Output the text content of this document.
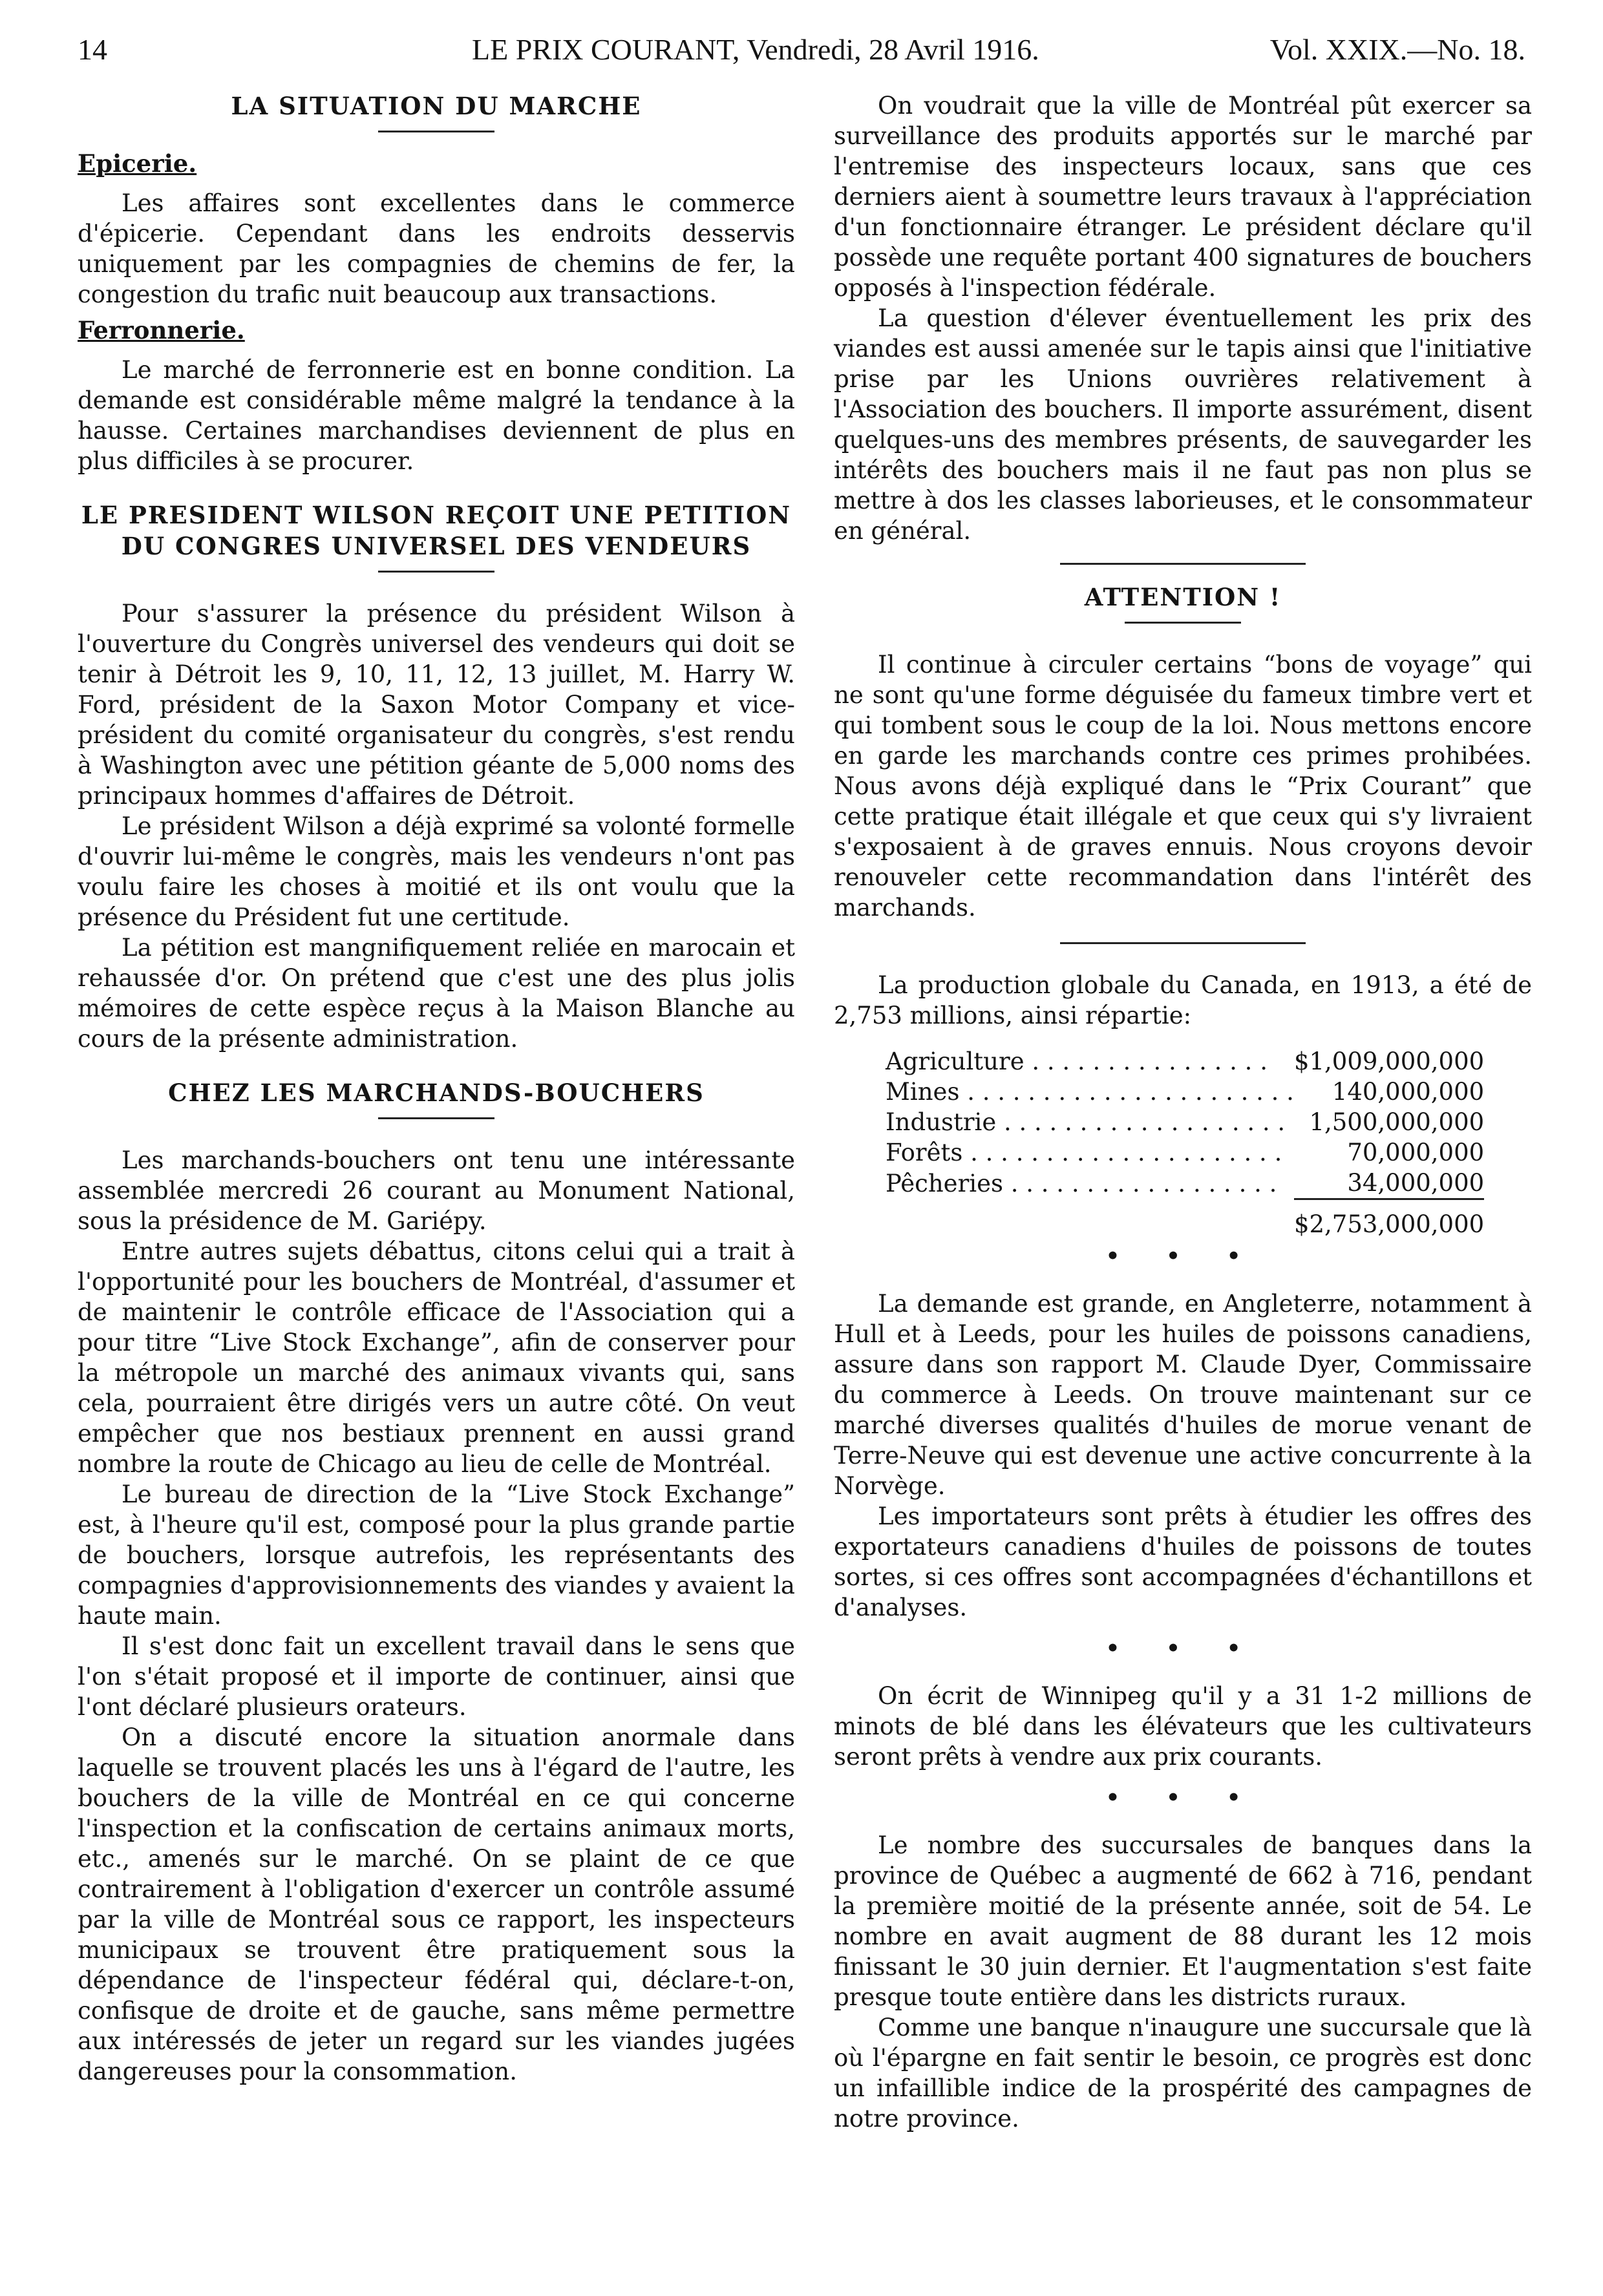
14	LE PRIX COURANT, Vendredi, 28 Avril 1916.	Vol. XXIX.—No. 18.
LA SITUATION DU MARCHE
Epicerie.

Les affaires sont excellentes dans le commerce d'épicerie. Cependant dans les endroits desservis uniquement par les compagnies de chemins de fer, la congestion du trafic nuit beaucoup aux transactions.

Ferronnerie.

Le marché de ferronnerie est en bonne condition. La demande est considérable même malgré la tendance à la hausse. Certaines marchandises deviennent de plus en plus difficiles à se procurer.

LE PRESIDENT WILSON REÇOIT UNE PETITION
DU CONGRES UNIVERSEL DES VENDEURS

Pour s'assurer la présence du président Wilson à l'ouverture du Congrès universel des vendeurs qui doit se tenir à Détroit les 9, 10, 11, 12, 13 juillet, M. Harry W. Ford, président de la Saxon Motor Company et vice-président du comité organisateur du congrès, s'est rendu à Washington avec une pétition géante de 5,000 noms des principaux hommes d'affaires de Détroit.

Le président Wilson a déjà exprimé sa volonté formelle d'ouvrir lui-même le congrès, mais les vendeurs n'ont pas voulu faire les choses à moitié et ils ont voulu que la présence du Président fut une certitude.

La pétition est mangnifiquement reliée en marocain et rehaussée d'or. On prétend que c'est une des plus jolis mémoires de cette espèce reçus à la Maison Blanche au cours de la présente administration.

CHEZ LES MARCHANDS-BOUCHERS

Les marchands-bouchers ont tenu une intéressante assemblée mercredi 26 courant au Monument National, sous la présidence de M. Gariépy.

Entre autres sujets débattus, citons celui qui a trait à l'opportunité pour les bouchers de Montréal, d'assumer et de maintenir le contrôle efficace de l'Association qui a pour titre “Live Stock Exchange”, afin de conserver pour la métropole un marché des animaux vivants qui, sans cela, pourraient être dirigés vers un autre côté. On veut empêcher que nos bestiaux prennent en aussi grand nombre la route de Chicago au lieu de celle de Montréal.

Le bureau de direction de la “Live Stock Exchange” est, à l'heure qu'il est, composé pour la plus grande partie de bouchers, lorsque autrefois, les représentants des compagnies d'approvisionnements des viandes y avaient la haute main.

Il s'est donc fait un excellent travail dans le sens que l'on s'était proposé et il importe de continuer, ainsi que l'ont déclaré plusieurs orateurs.

On a discuté encore la situation anormale dans laquelle se trouvent placés les uns à l'égard de l'autre, les bouchers de la ville de Montréal en ce qui concerne l'inspection et la confiscation de certains animaux morts, etc., amenés sur le marché. On se plaint de ce que contrairement à l'obligation d'exercer un contrôle assumé par la ville de Montréal sous ce rapport, les inspecteurs municipaux se trouvent être pratiquement sous la dépendance de l'inspecteur fédéral qui, déclare-t-on, confisque de droite et de gauche, sans même permettre aux intéressés de jeter un regard sur les viandes jugées dangereuses pour la consommation.

On voudrait que la ville de Montréal pût exercer sa surveillance des produits apportés sur le marché par l'entremise des inspecteurs locaux, sans que ces derniers aient à soumettre leurs travaux à l'appréciation d'un fonctionnaire étranger. Le président déclare qu'il possède une requête portant 400 signatures de bouchers opposés à l'inspection fédérale.

La question d'élever éventuellement les prix des viandes est aussi amenée sur le tapis ainsi que l'initiative prise par les Unions ouvrières relativement à l'Association des bouchers. Il importe assurément, disent quelques-uns des membres présents, de sauvegarder les intérêts des bouchers mais il ne faut pas non plus se mettre à dos les classes laborieuses, et le consommateur en général.

ATTENTION !

Il continue à circuler certains “bons de voyage” qui ne sont qu'une forme déguisée du fameux timbre vert et qui tombent sous le coup de la loi. Nous mettons encore en garde les marchands contre ces primes prohibées. Nous avons déjà expliqué dans le “Prix Courant” que cette pratique était illégale et que ceux qui s'y livraient s'exposaient à de graves ennuis. Nous croyons devoir renouveler cette recommandation dans l'intérêt des marchands.

La production globale du Canada, en 1913, a été de 2,753 millions, ainsi répartie:

Agriculture . . . . . . . . . . . . . . . .	$1,009,000,000
Mines . . . . . . . . . . . . . . . . . . . . . .	140,000,000
Industrie . . . . . . . . . . . . . . . . . . .	1,500,000,000
Forêts . . . . . . . . . . . . . . . . . . . . .	70,000,000
Pêcheries . . . . . . . . . . . . . . . . . .	34,000,000
	$2,753,000,000
• • •

La demande est grande, en Angleterre, notamment à Hull et à Leeds, pour les huiles de poissons canadiens, assure dans son rapport M. Claude Dyer, Commissaire du commerce à Leeds. On trouve maintenant sur ce marché diverses qualités d'huiles de morue venant de Terre-Neuve qui est devenue une active concurrente à la Norvège.

Les importateurs sont prêts à étudier les offres des exportateurs canadiens d'huiles de poissons de toutes sortes, si ces offres sont accompagnées d'échantillons et d'analyses.

• • •

On écrit de Winnipeg qu'il y a 31 1-2 millions de minots de blé dans les élévateurs que les cultivateurs seront prêts à vendre aux prix courants.

• • •

Le nombre des succursales de banques dans la province de Québec a augmenté de 662 à 716, pendant la première moitié de la présente année, soit de 54. Le nombre en avait augment de 88 durant les 12 mois finissant le 30 juin dernier. Et l'augmentation s'est faite presque toute entière dans les districts ruraux.

Comme une banque n'inaugure une succursale que là où l'épargne en fait sentir le besoin, ce progrès est donc un infaillible indice de la prospérité des campagnes de notre province.
